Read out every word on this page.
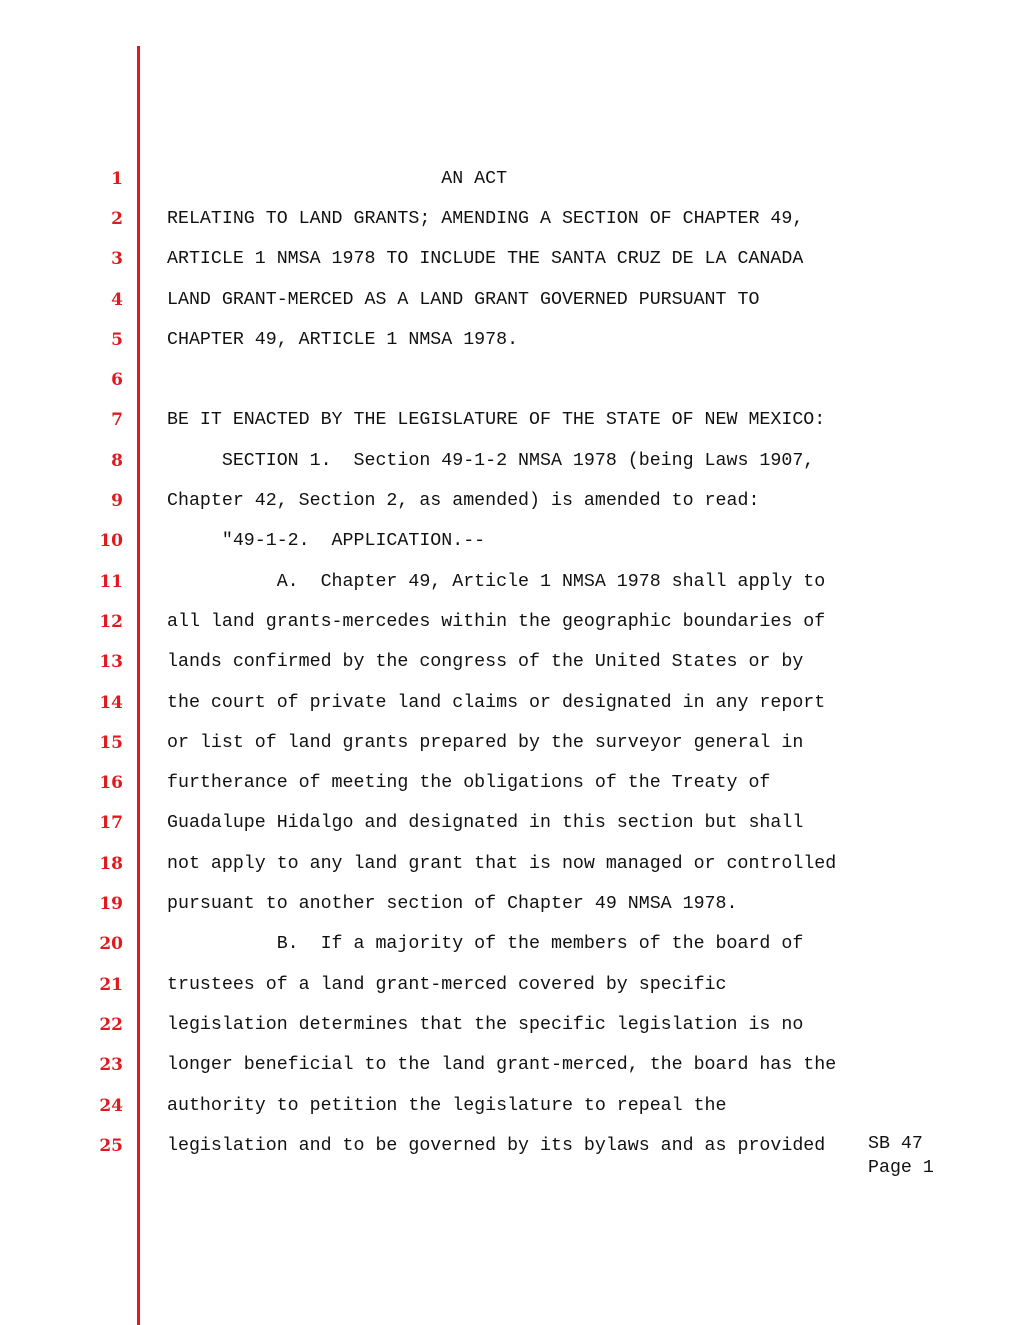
1
2
3
4
5
6
7
8
9
10
11
12
13
14
15
16
17
18
19
20
21
22
23
24
25
AN ACT
RELATING TO LAND GRANTS; AMENDING A SECTION OF CHAPTER 49,
ARTICLE 1 NMSA 1978 TO INCLUDE THE SANTA CRUZ DE LA CANADA
LAND GRANT-MERCED AS A LAND GRANT GOVERNED PURSUANT TO
CHAPTER 49, ARTICLE 1 NMSA 1978.
BE IT ENACTED BY THE LEGISLATURE OF THE STATE OF NEW MEXICO:
SECTION 1.  Section 49-1-2 NMSA 1978 (being Laws 1907,
Chapter 42, Section 2, as amended) is amended to read:
"49-1-2.  APPLICATION.--
A.  Chapter 49, Article 1 NMSA 1978 shall apply to
all land grants-mercedes within the geographic boundaries of
lands confirmed by the congress of the United States or by
the court of private land claims or designated in any report
or list of land grants prepared by the surveyor general in
furtherance of meeting the obligations of the Treaty of
Guadalupe Hidalgo and designated in this section but shall
not apply to any land grant that is now managed or controlled
pursuant to another section of Chapter 49 NMSA 1978.
B.  If a majority of the members of the board of
trustees of a land grant-merced covered by specific
legislation determines that the specific legislation is no
longer beneficial to the land grant-merced, the board has the
authority to petition the legislature to repeal the
legislation and to be governed by its bylaws and as provided SB 47
Page 1
